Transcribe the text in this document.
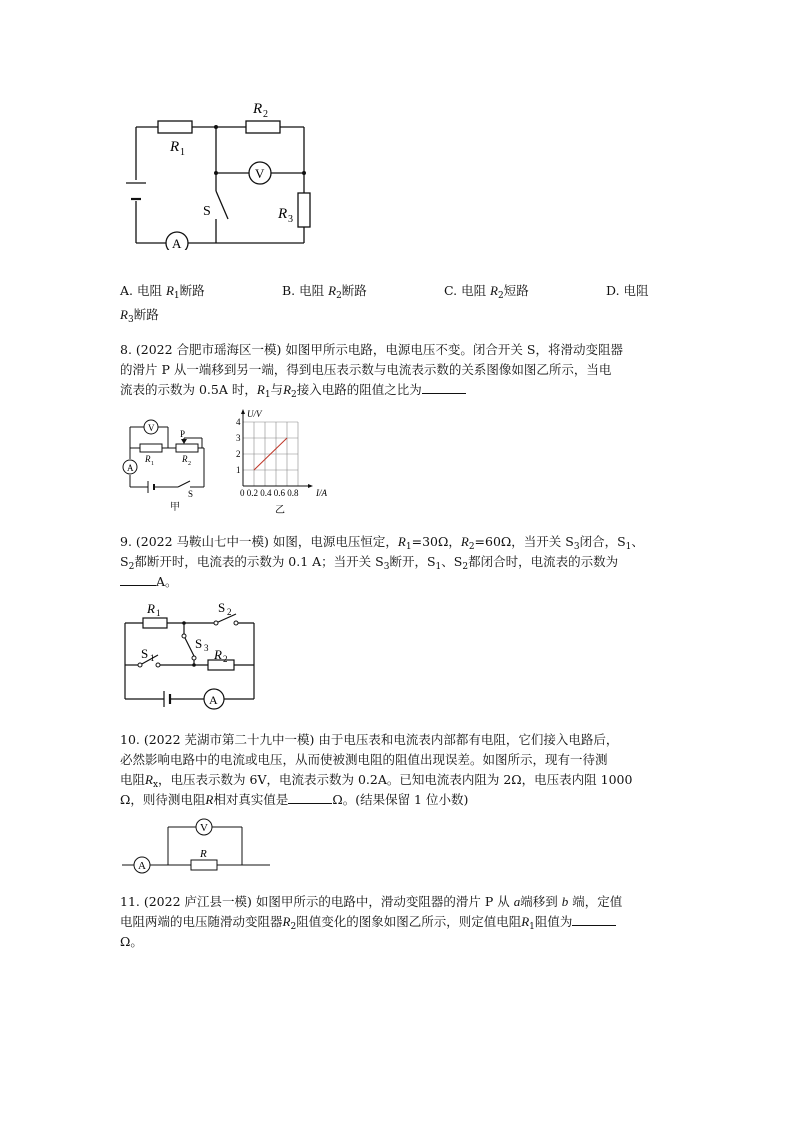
R 1
R 2
R 3
V
A
S
A. 电阻 $R_1$断路	B. 电阻 $R_2$断路	C. 电阻 $R_2$短路	D. 电阻
$R_3$断路
8. (2022 合肥市瑶海区一模) 如图甲所示电路，电源电压不变。闭合开关 S，将滑动变阻器
的滑片 P 从一端移到另一端，得到电压表示数与电流表示数的关系图像如图乙所示，当电
流表的示数为 0.5A 时，$R_1$与$R_2$接入电路的阻值之比为
V
A
P
S
R 1	R 2
甲
U/V
1
2
3
4
0 0.2 0.4 0.6 0.8 I/A
乙
9. (2022 马鞍山七中一模) 如图，电源电压恒定，$R_1=30\Omega$，$R_2=60\Omega$，当开关 $S_3$闭合，$S_1$、
$S_2$都断开时，电流表的示数为 0.1 A；当开关 $S_3$断开，$S_1$、$S_2$都闭合时，电流表的示数为
A。
R 1
R 2
S 2
S 1
S 3
A
10. (2022 芜湖市第二十九中一模) 由于电压表和电流表内部都有电阻，它们接入电路后，
必然影响电路中的电流或电压，从而使被测电阻的阻值出现误差。如图所示，现有一待测
电阻$R_x$，电压表示数为 6V，电流表示数为 0.2A。已知电流表内阻为 2Ω，电压表内阻 1000
Ω，则待测电阻R相对真实值是	Ω。(结果保留 1 位小数)
A
V
R
11. (2022 庐江县一模) 如图甲所示的电路中，滑动变阻器的滑片 P 从 a端移到 b 端，定值
电阻两端的电压随滑动变阻器$R_2$阻值变化的图象如图乙所示，则定值电阻$R_1$阻值为
Ω。
